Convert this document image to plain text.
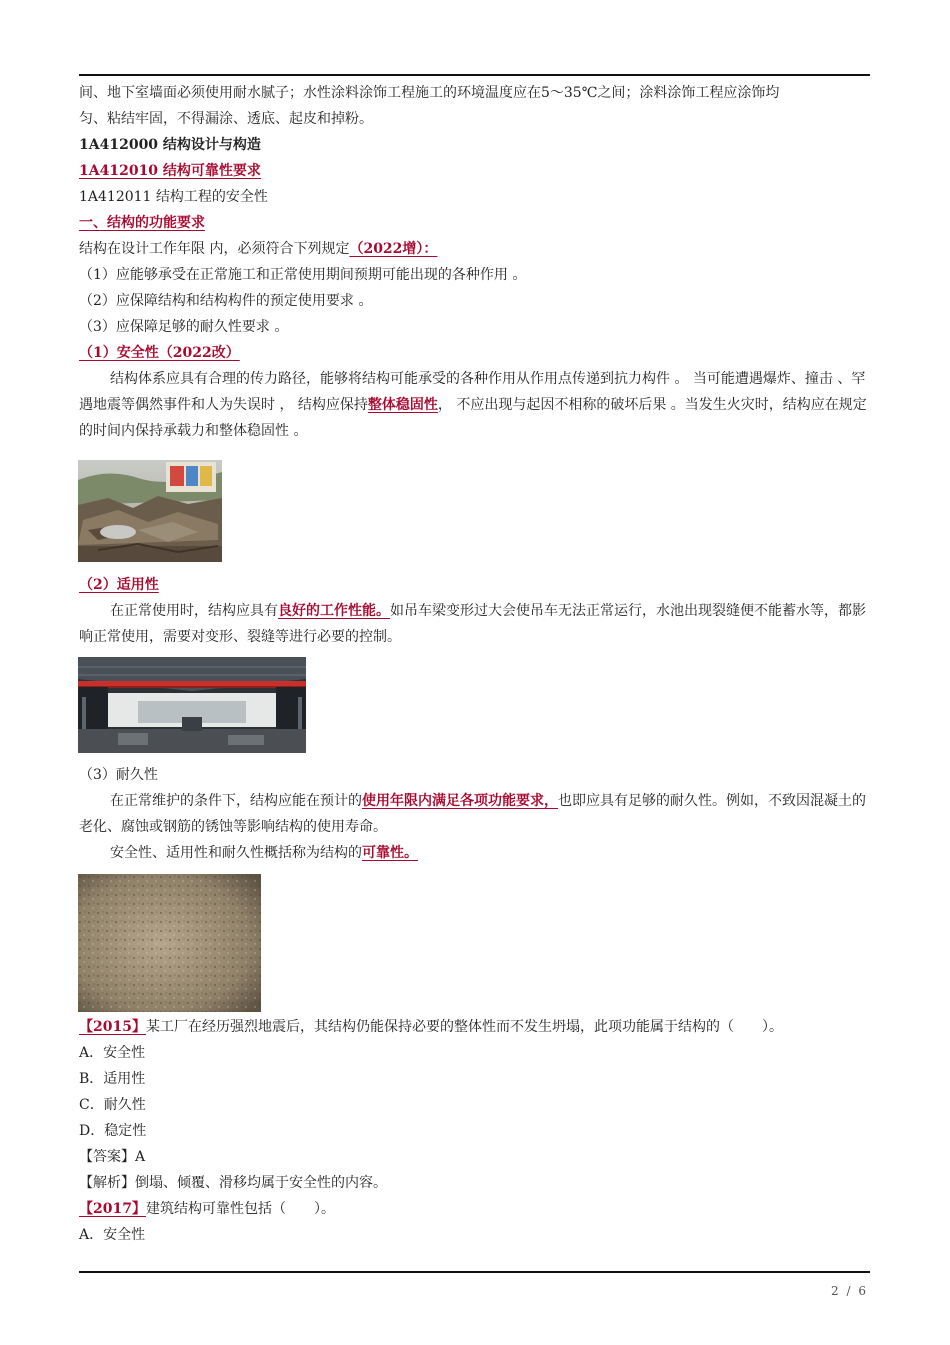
间、地下室墙面必须使用耐水腻子；水性涂料涂饰工程施工的环境温度应在5～35℃之间；涂料涂饰工程应涂饰均

匀、粘结牢固，不得漏涂、透底、起皮和掉粉。

1A412000 结构设计与构造

1A412010 结构可靠性要求

1A412011 结构工程的安全性

一、结构的功能要求

结构在设计工作年限 内，必须符合下列规定（2022增）：

（1）应能够承受在正常施工和正常使用期间预期可能出现的各种作用 。

（2）应保障结构和结构构件的预定使用要求 。

（3）应保障足够的耐久性要求 。

（1）安全性（2022改）

结构体系应具有合理的传力路径，能够将结构可能承受的各种作用从作用点传递到抗力构件 。 当可能遭遇爆炸、撞击 、罕遇地震等偶然事件和人为失误时 ， 结构应保持整体稳固性， 不应出现与起因不相称的破坏后果 。当发生火灾时，结构应在规定的时间内保持承载力和整体稳固性 。

（2）适用性

在正常使用时，结构应具有良好的工作性能。如吊车梁变形过大会使吊车无法正常运行，水池出现裂缝便不能蓄水等，都影响正常使用，需要对变形、裂缝等进行必要的控制。

（3）耐久性

在正常维护的条件下，结构应能在预计的使用年限内满足各项功能要求，也即应具有足够的耐久性。例如，不致因混凝土的老化、腐蚀或钢筋的锈蚀等影响结构的使用寿命。

安全性、适用性和耐久性概括称为结构的可靠性。

【2015】某工厂在经历强烈地震后，其结构仍能保持必要的整体性而不发生坍塌，此项功能属于结构的（　　）。

A．安全性

B．适用性

C．耐久性

D．稳定性

【答案】A

【解析】倒塌、倾覆、滑移均属于安全性的内容。

【2017】建筑结构可靠性包括（　　）。

A．安全性

2 / 6
